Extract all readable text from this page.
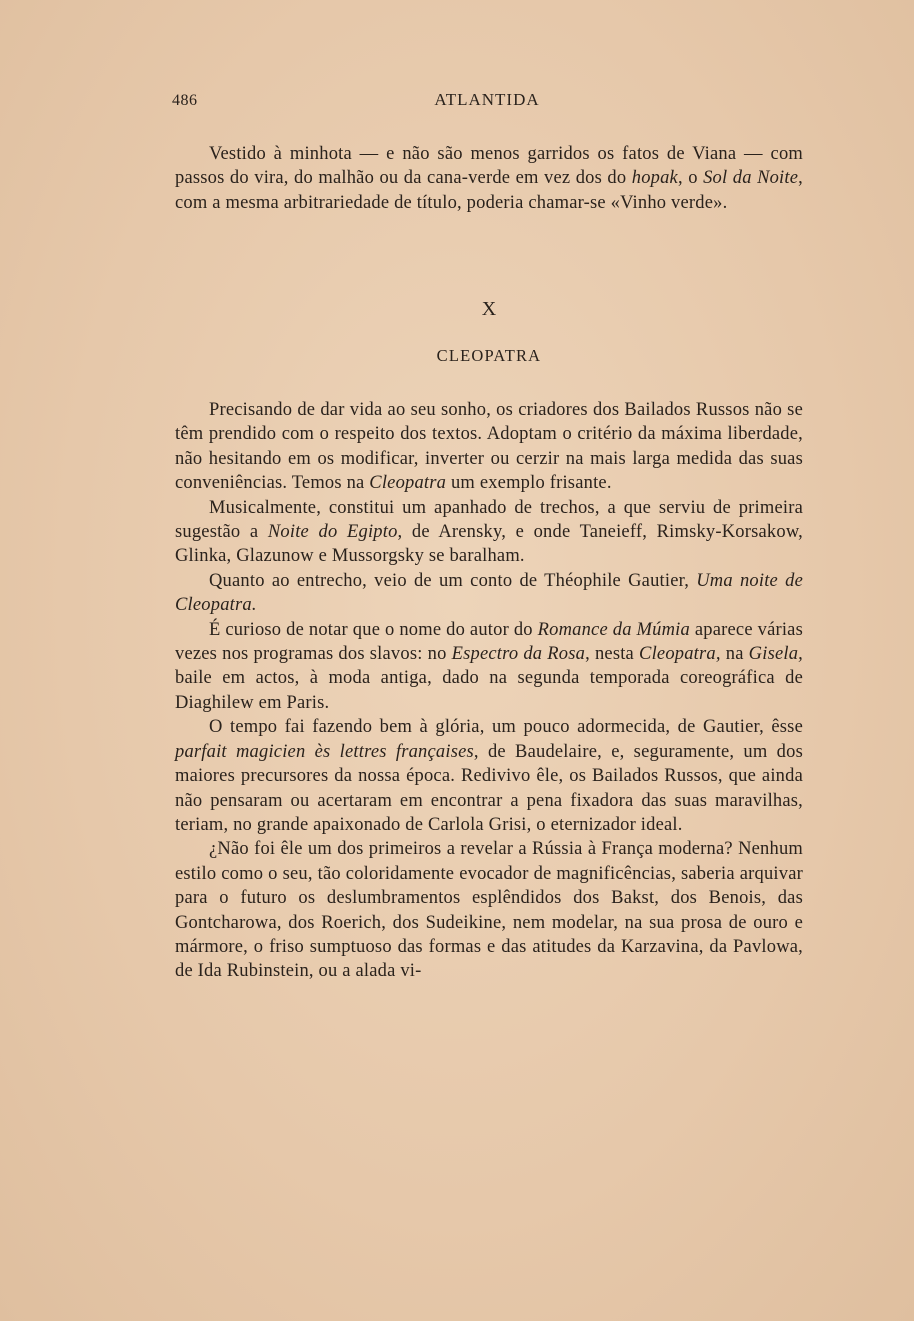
486	ATLANTIDA

Vestido à minhota — e não são menos garridos os fatos de Viana — com passos do vira, do malhão ou da cana-verde em vez dos do hopak, o Sol da Noite, com a mesma arbitrariedade de título, poderia chamar-se «Vinho verde».

X
CLEOPATRA

Precisando de dar vida ao seu sonho, os criadores dos Bailados Russos não se têm prendido com o respeito dos textos. Adoptam o critério da máxima liberdade, não hesitando em os modificar, inverter ou cerzir na mais larga medida das suas conveniências. Temos na Cleopatra um exemplo frisante.

Musicalmente, constitui um apanhado de trechos, a que serviu de primeira sugestão a Noite do Egipto, de Arensky, e onde Taneieff, Rimsky-Korsakow, Glinka, Glazunow e Mussorgsky se baralham.

Quanto ao entrecho, veio de um conto de Théophile Gautier, Uma noite de Cleopatra.

É curioso de notar que o nome do autor do Romance da Múmia aparece várias vezes nos programas dos slavos: no Espectro da Rosa, nesta Cleopatra, na Gisela, baile em actos, à moda antiga, dado na segunda temporada coreográfica de Diaghilew em Paris.

O tempo fai fazendo bem à glória, um pouco adormecida, de Gautier, êsse parfait magicien ès lettres françaises, de Baudelaire, e, seguramente, um dos maiores precursores da nossa época. Redivivo êle, os Bailados Russos, que ainda não pensaram ou acertaram em encontrar a pena fixadora das suas maravilhas, teriam, no grande apaixonado de Carlola Grisi, o eternizador ideal.

¿Não foi êle um dos primeiros a revelar a Rússia à França moderna? Nenhum estilo como o seu, tão coloridamente evocador de magnificências, saberia arquivar para o futuro os deslumbramentos esplêndidos dos Bakst, dos Benois, das Gontcharowa, dos Roerich, dos Sudeikine, nem modelar, na sua prosa de ouro e mármore, o friso sumptuoso das formas e das atitudes da Karzavina, da Pavlowa, de Ida Rubinstein, ou a alada vi-
